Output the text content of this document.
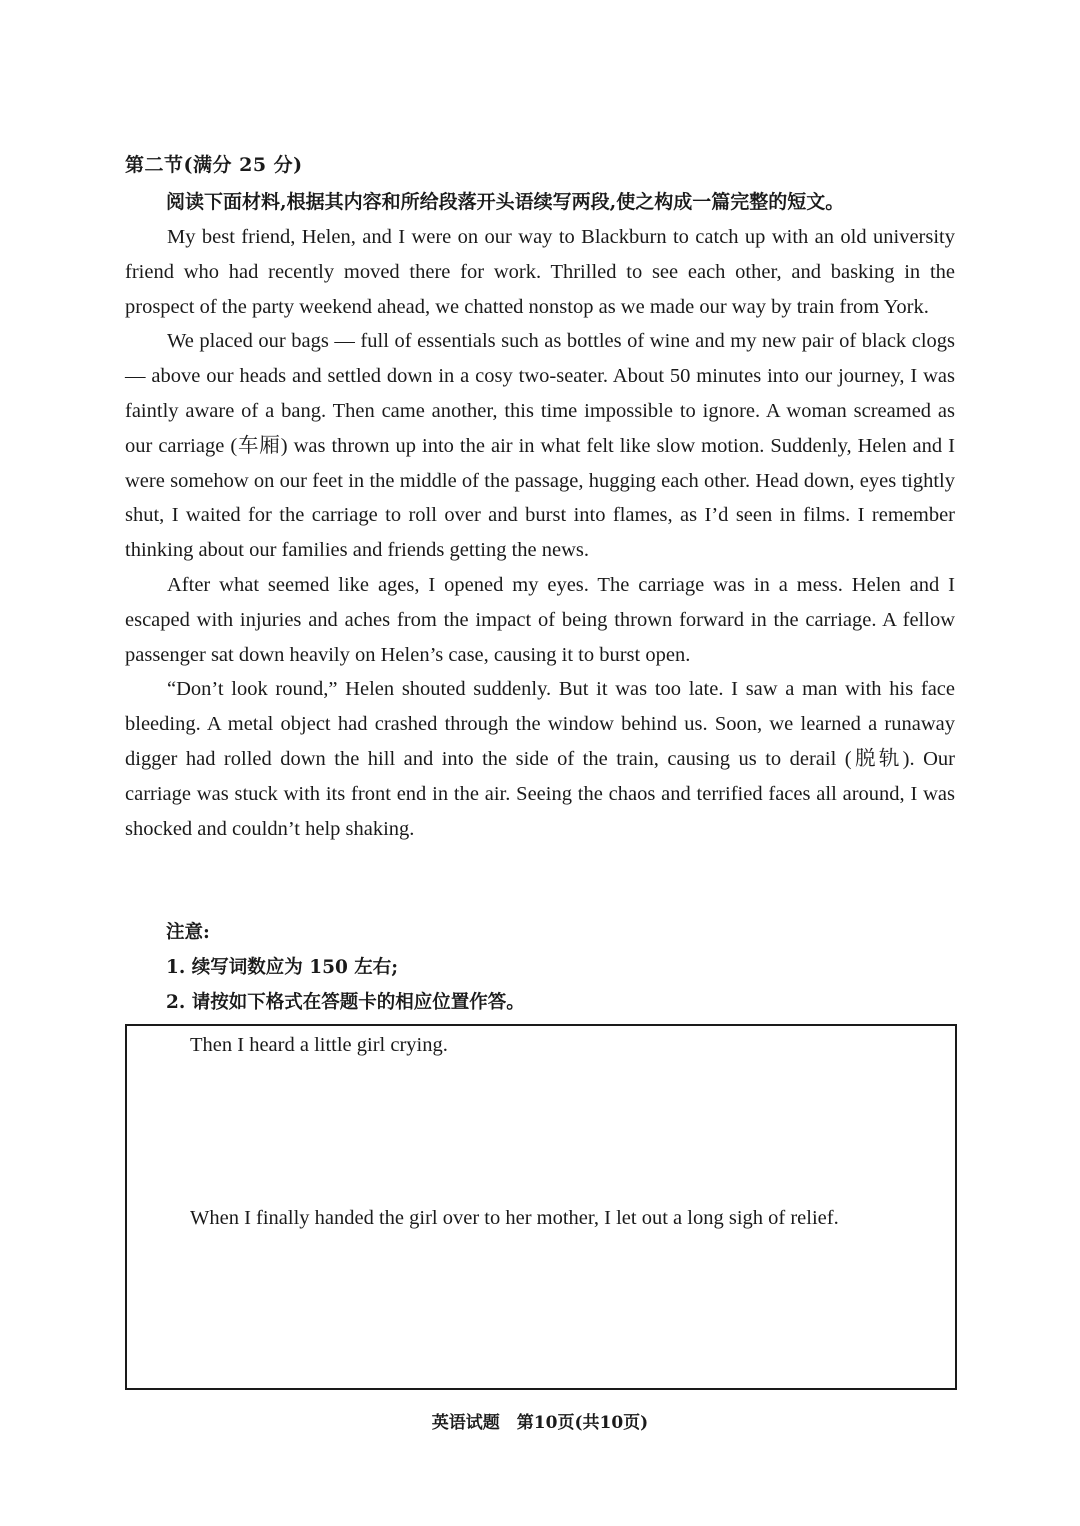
第二节(满分 25 分)
阅读下面材料,根据其内容和所给段落开头语续写两段,使之构成一篇完整的短文。

My best friend, Helen, and I were on our way to Blackburn to catch up with an old university friend who had recently moved there for work. Thrilled to see each other, and basking in the prospect of the party weekend ahead, we chatted nonstop as we made our way by train from York.

We placed our bags — full of essentials such as bottles of wine and my new pair of black clogs — above our heads and settled down in a cosy two-seater. About 50 minutes into our journey, I was faintly aware of a bang. Then came another, this time impossible to ignore. A woman screamed as our carriage (车厢) was thrown up into the air in what felt like slow motion. Suddenly, Helen and I were somehow on our feet in the middle of the passage, hugging each other. Head down, eyes tightly shut, I waited for the carriage to roll over and burst into flames, as I’d seen in films. I remember thinking about our families and friends getting the news.

After what seemed like ages, I opened my eyes. The carriage was in a mess. Helen and I escaped with injuries and aches from the impact of being thrown forward in the carriage. A fellow passenger sat down heavily on Helen’s case, causing it to burst open.

“Don’t look round,” Helen shouted suddenly. But it was too late. I saw a man with his face bleeding. A metal object had crashed through the window behind us. Soon, we learned a runaway digger had rolled down the hill and into the side of the train, causing us to derail (脱轨). Our carriage was stuck with its front end in the air. Seeing the chaos and terrified faces all around, I was shocked and couldn’t help shaking.

注意:
1. 续写词数应为 150 左右;
2. 请按如下格式在答题卡的相应位置作答。
Then I heard a little girl crying.
When I finally handed the girl over to her mother, I let out a long sigh of relief.
英语试题　第10页(共10页)
